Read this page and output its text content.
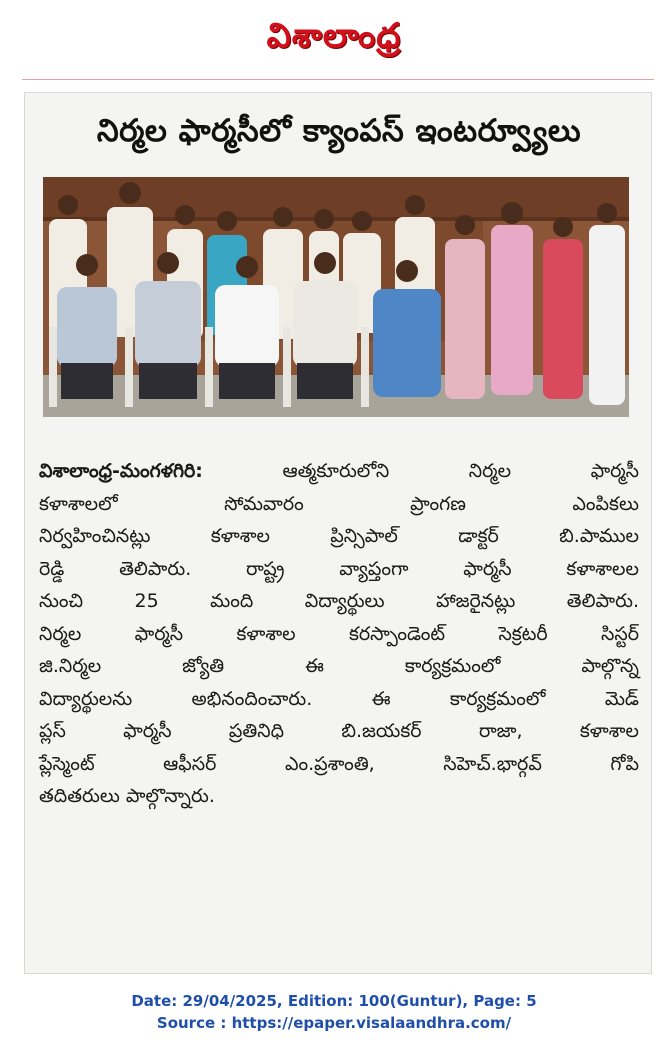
విశాలాంధ్ర
నిర్మల ఫార్మసీలో క్యాంపస్ ఇంటర్వ్యూలు
విశాలాంధ్ర-మంగళగిరి: ఆత్మకూరులోని నిర్మల ఫార్మసీ
కళాశాలలో సోమవారం ప్రాంగణ ఎంపికలు
నిర్వహించినట్లు కళాశాల ప్రిన్సిపాల్ డాక్టర్ బి.పాముల
రెడ్డి తెలిపారు. రాష్ట్ర వ్యాప్తంగా ఫార్మసీ కళాశాలల
నుంచి 25 మంది విద్యార్థులు హాజరైనట్లు తెలిపారు.
నిర్మల ఫార్మసీ కళాశాల కరస్పాండెంట్ సెక్రటరీ సిస్టర్
జి.నిర్మల జ్యోతి ఈ కార్యక్రమంలో పాల్గొన్న
విద్యార్థులను అభినందించారు. ఈ కార్యక్రమంలో మెడ్
ప్లస్ ఫార్మసీ ప్రతినిధి బి.జయకర్ రాజా, కళాశాల
ప్లేస్మెంట్ ఆఫీసర్ ఎం.ప్రశాంతి, సిహెచ్.భార్గవ్ గోపి
తదితరులు పాల్గొన్నారు.
Date: 29/04/2025, Edition: 100(Guntur), Page: 5
Source : https://epaper.visalaandhra.com/
